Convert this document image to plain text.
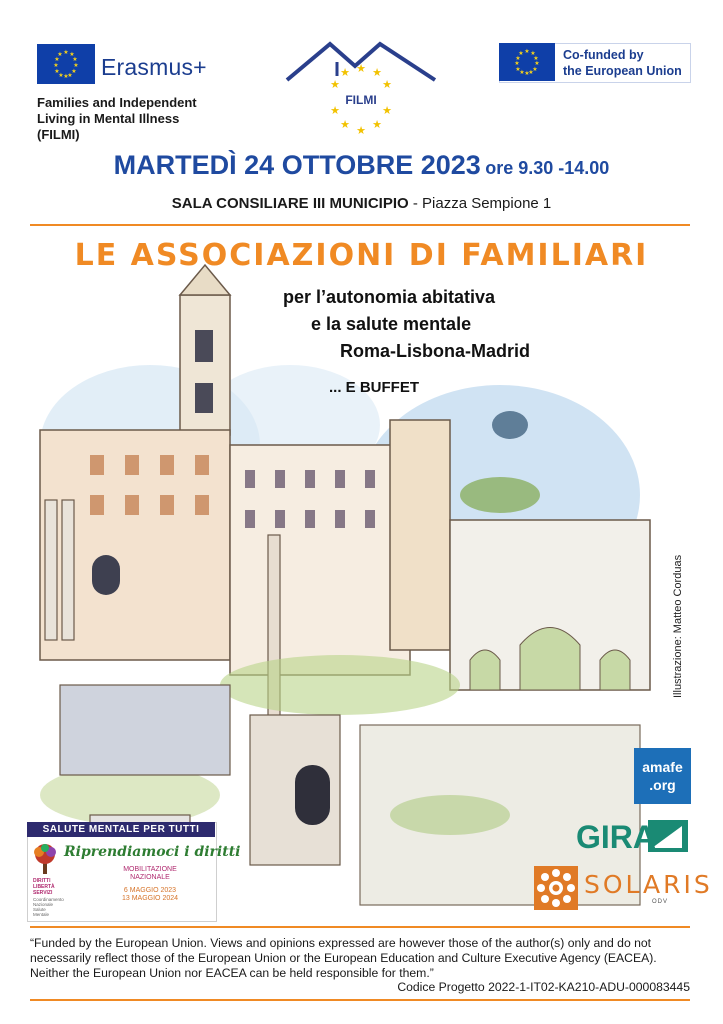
★ ★
★
★
★
★
★
★
★
★
★
★ Erasmus+
Families and Independent
Living in Mental Illness
(FILMI)
★ ★
★
★
★
★
★
★
★
★
FILMI
★ ★
★
★
★
★
★
★
★
★
★
★	Co-funded by
the European Union
MARTEDÌ 24 OTTOBRE 2023 ore 9.30 -14.00
SALA CONSILIARE III MUNICIPIO - Piazza Sempione 1
LE ASSOCIAZIONI DI FAMILIARI
per l’autonomia abitativa
e la salute mentale
Roma-Lisbona-Madrid
... E BUFFET
Illustrazione: Matteo Corduas
amafe
.org
GIRA
SOLARIS
ODV
SALUTE MENTALE PER TUTTI
Riprendiamoci i diritti
MOBILITAZIONE
NAZIONALE
6 MAGGIO 2023
13 MAGGIO 2024
DIRITTI
LIBERTÀ
SERVIZI
Coordinamento
Nazionale
Salute
Mentale
“Funded by the European Union. Views and opinions expressed are however those of the author(s) only and do not necessarily reflect those of the European Union or the European Education and Culture Executive Agency (EACEA). Neither the European Union nor EACEA can be held responsible for them.”
Codice Progetto 2022-1-IT02-KA210-ADU-000083445
